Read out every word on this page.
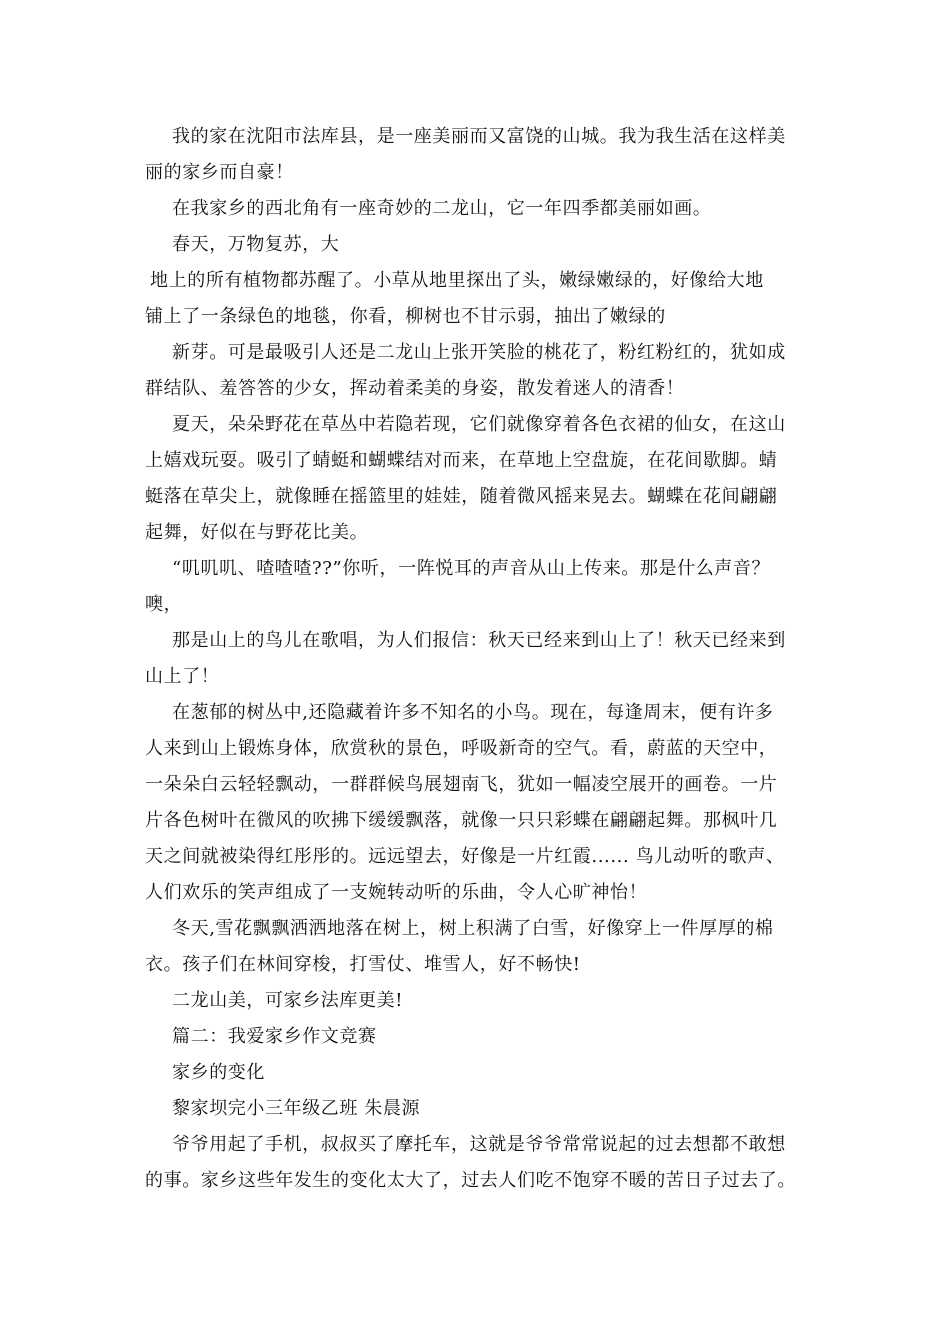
我的家在沈阳市法库县，是一座美丽而又富饶的山城。我为我生活在这样美
丽的家乡而自豪！
在我家乡的西北角有一座奇妙的二龙山，它一年四季都美丽如画。
春天，万物复苏，大
地上的所有植物都苏醒了。小草从地里探出了头，嫩绿嫩绿的，好像给大地
铺上了一条绿色的地毯，你看，柳树也不甘示弱，抽出了嫩绿的
新芽。可是最吸引人还是二龙山上张开笑脸的桃花了，粉红粉红的，犹如成
群结队、羞答答的少女，挥动着柔美的身姿，散发着迷人的清香！
夏天，朵朵野花在草丛中若隐若现，它们就像穿着各色衣裙的仙女，在这山
上嬉戏玩耍。吸引了蜻蜓和蝴蝶结对而来，在草地上空盘旋，在花间歇脚。蜻
蜓落在草尖上，就像睡在摇篮里的娃娃，随着微风摇来晃去。蝴蝶在花间翩翩
起舞，好似在与野花比美。
“叽叽叽、喳喳喳??”你听，一阵悦耳的声音从山上传来。那是什么声音？
噢，
那是山上的鸟儿在歌唱，为人们报信：秋天已经来到山上了！秋天已经来到
山上了！
在葱郁的树丛中,还隐藏着许多不知名的小鸟。现在，每逢周末，便有许多
人来到山上锻炼身体，欣赏秋的景色，呼吸新奇的空气。看，蔚蓝的天空中，
一朵朵白云轻轻飘动，一群群候鸟展翅南飞，犹如一幅凌空展开的画卷。一片
片各色树叶在微风的吹拂下缓缓飘落，就像一只只彩蝶在翩翩起舞。那枫叶几
天之间就被染得红彤彤的。远远望去，好像是一片红霞...... 鸟儿动听的歌声、
人们欢乐的笑声组成了一支婉转动听的乐曲，令人心旷神怡！
冬天,雪花飘飘洒洒地落在树上，树上积满了白雪，好像穿上一件厚厚的棉
衣。孩子们在林间穿梭，打雪仗、堆雪人，好不畅快!
二龙山美，可家乡法库更美!
篇二：我爱家乡作文竞赛
家乡的变化
黎家坝完小三年级乙班 朱晨源
爷爷用起了手机，叔叔买了摩托车，这就是爷爷常常说起的过去想都不敢想
的事。家乡这些年发生的变化太大了，过去人们吃不饱穿不暖的苦日子过去了。
